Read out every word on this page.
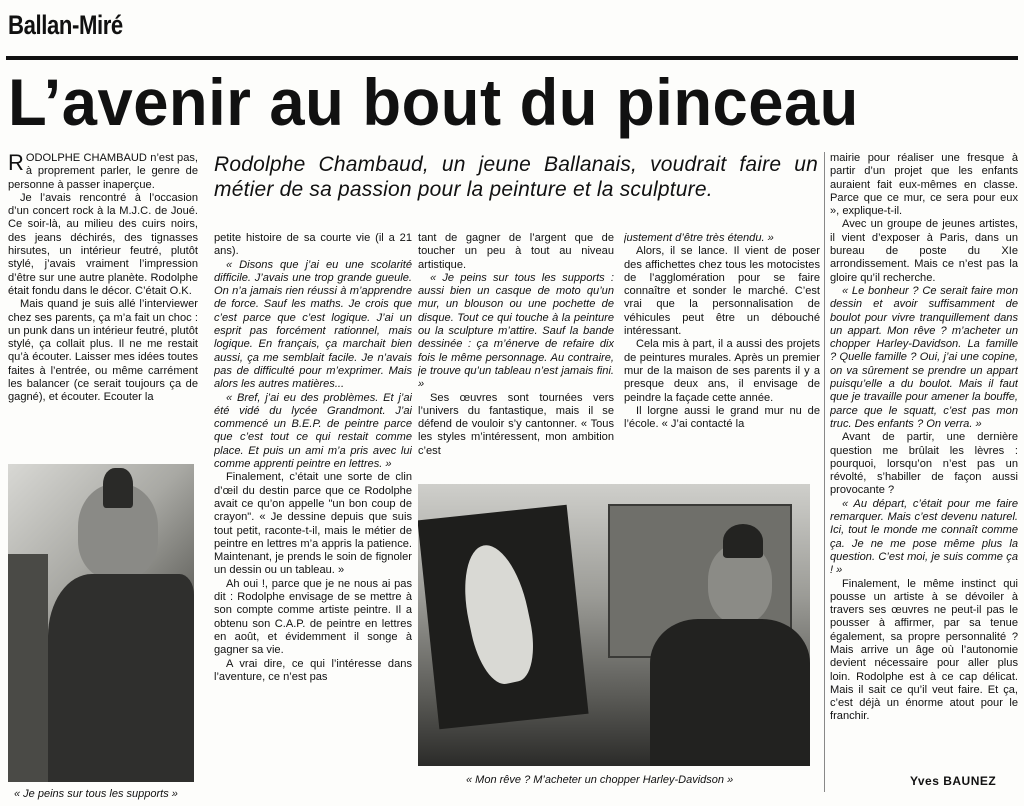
Ballan-Miré
L’avenir au bout du pinceau
Rodolphe Chambaud, un jeune Ballanais, voudrait faire un métier de sa passion pour la peinture et la sculpture.

RODOLPHE CHAMBAUD n’est pas, à proprement parler, le genre de personne à passer inaperçue.

Je l’avais rencontré à l’occasion d’un concert rock à la M.J.C. de Joué. Ce soir-là, au milieu des cuirs noirs, des jeans déchirés, des tignasses hirsutes, un intérieur feutré, plutôt stylé, j’avais vraiment l’impression d’être sur une autre planète. Rodolphe était fondu dans le décor. C’était O.K.

Mais quand je suis allé l’interviewer chez ses parents, ça m’a fait un choc : un punk dans un intérieur feutré, plutôt stylé, ça collait plus. Il ne me restait qu’à écouter. Laisser mes idées toutes faites à l’entrée, ou même carrément les balancer (ce serait toujours ça de gagné), et écouter. Ecouter la

« Je peins sur tous les supports »

petite histoire de sa courte vie (il a 21 ans).

« Disons que j’ai eu une scolarité difficile. J’avais une trop grande gueule. On n’a jamais rien réussi à m’apprendre de force. Sauf les maths. Je crois que c’est parce que c’est logique. J’ai un esprit pas forcément rationnel, mais logique. En français, ça marchait bien aussi, ça me semblait facile. Je n’avais pas de difficulté pour m’exprimer. Mais alors les autres matières...

« Bref, j’ai eu des problèmes. Et j’ai été vidé du lycée Grandmont. J’ai commencé un B.E.P. de peintre parce que c’est tout ce qui restait comme place. Et puis un ami m’a pris avec lui comme apprenti peintre en lettres. »

Finalement, c’était une sorte de clin d’œil du destin parce que ce Rodolphe avait ce qu’on appelle "un bon coup de crayon". « Je dessine depuis que suis tout petit, raconte-t-il, mais le métier de peintre en lettres m’a appris la patience. Maintenant, je prends le soin de fignoler un dessin ou un tableau. »

Ah oui !, parce que je ne nous ai pas dit : Rodolphe envisage de se mettre à son compte comme artiste peintre. Il a obtenu son C.A.P. de peintre en lettres en août, et évidemment il songe à gagner sa vie.

A vrai dire, ce qui l’intéresse dans l’aventure, ce n’est pas

tant de gagner de l’argent que de toucher un peu à tout au niveau artistique.

« Je peins sur tous les supports : aussi bien un casque de moto qu’un mur, un blouson ou une pochette de disque. Tout ce qui touche à la peinture ou la sculpture m’attire. Sauf la bande dessinée : ça m’énerve de refaire dix fois le même personnage. Au contraire, je trouve qu’un tableau n’est jamais fini. »

Ses œuvres sont tournées vers l’univers du fantastique, mais il se défend de vouloir s’y cantonner. « Tous les styles m’intéressent, mon ambition c’est

justement d’être très étendu. »

Alors, il se lance. Il vient de poser des affichettes chez tous les motocistes de l’agglomération pour se faire connaître et sonder le marché. C’est vrai que la personnalisation de véhicules peut être un débouché intéressant.

Cela mis à part, il a aussi des projets de peintures murales. Après un premier mur de la maison de ses parents il y a presque deux ans, il envisage de peindre la façade cette année.

Il lorgne aussi le grand mur nu de l’école. « J’ai contacté la

« Mon rêve ? M’acheter un chopper Harley-Davidson »

mairie pour réaliser une fresque à partir d’un projet que les enfants auraient fait eux-mêmes en classe. Parce que ce mur, ce sera pour eux », explique-t-il.

Avec un groupe de jeunes artistes, il vient d’exposer à Paris, dans un bureau de poste du XIe arrondissement. Mais ce n’est pas la gloire qu’il recherche.

« Le bonheur ? Ce serait faire mon dessin et avoir suffisamment de boulot pour vivre tranquillement dans un appart. Mon rêve ? m’acheter un chopper Harley-Davidson. La famille ? Quelle famille ? Oui, j’ai une copine, on va sûrement se prendre un appart puisqu’elle a du boulot. Mais il faut que je travaille pour amener la bouffe, parce que le squatt, c’est pas mon truc. Des enfants ? On verra. »

Avant de partir, une dernière question me brûlait les lèvres : pourquoi, lorsqu’on n’est pas un révolté, s’habiller de façon aussi provocante ?

« Au départ, c’était pour me faire remarquer. Mais c’est devenu naturel. Ici, tout le monde me connaît comme ça. Je ne me pose même plus la question. C’est moi, je suis comme ça ! »

Finalement, le même instinct qui pousse un artiste à se dévoiler à travers ses œuvres ne peut-il pas le pousser à affirmer, par sa tenue également, sa propre personnalité ? Mais arrive un âge où l’autonomie devient nécessaire pour aller plus loin. Rodolphe est à ce cap délicat. Mais il sait ce qu’il veut faire. Et ça, c’est déjà un énorme atout pour le franchir.

Yves BAUNEZ
